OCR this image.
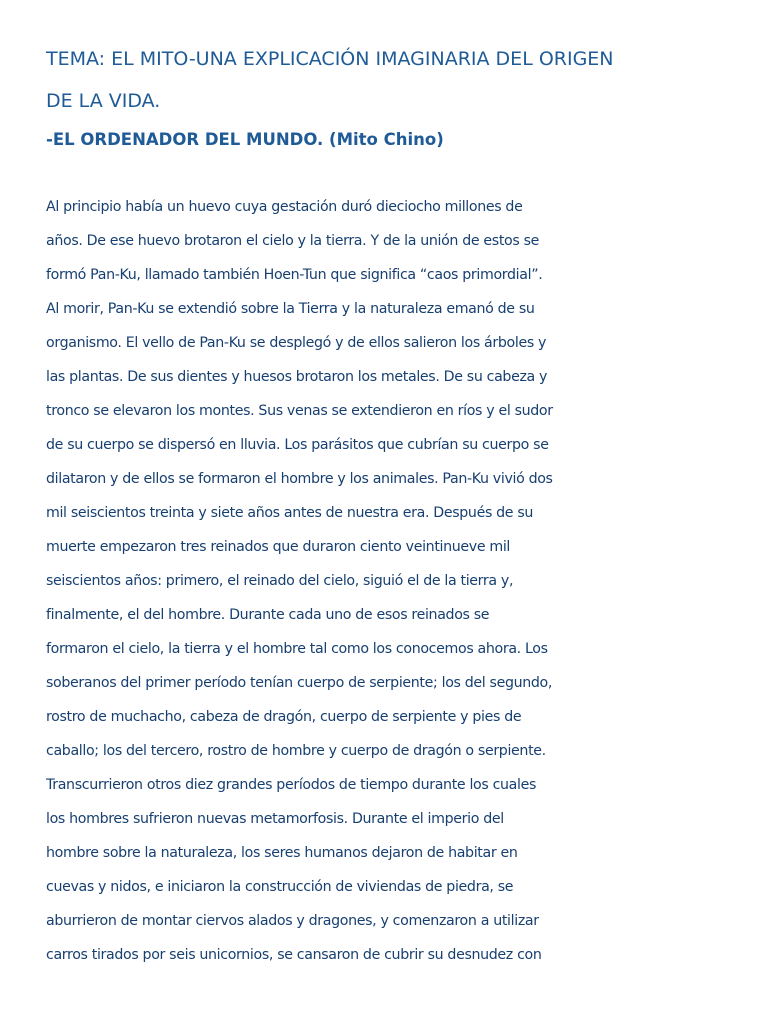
TEMA: EL MITO-UNA EXPLICACIÓN IMAGINARIA DEL ORIGEN
DE LA VIDA.
-EL ORDENADOR DEL MUNDO. (Mito Chino)
Al principio había un huevo cuya gestación duró dieciocho millones de
años. De ese huevo brotaron el cielo y la tierra. Y de la unión de estos se
formó Pan-Ku, llamado también Hoen-Tun que significa “caos primordial”.
Al morir, Pan-Ku se extendió sobre la Tierra y la naturaleza emanó de su
organismo. El vello de Pan-Ku se desplegó y de ellos salieron los árboles y
las plantas. De sus dientes y huesos brotaron los metales. De su cabeza y
tronco se elevaron los montes. Sus venas se extendieron en ríos y el sudor
de su cuerpo se dispersó en lluvia. Los parásitos que cubrían su cuerpo se
dilataron y de ellos se formaron el hombre y los animales. Pan-Ku vivió dos
mil seiscientos treinta y siete años antes de nuestra era. Después de su
muerte empezaron tres reinados que duraron ciento veintinueve mil
seiscientos años: primero, el reinado del cielo, siguió el de la tierra y,
finalmente, el del hombre. Durante cada uno de esos reinados se
formaron el cielo, la tierra y el hombre tal como los conocemos ahora. Los
soberanos del primer período tenían cuerpo de serpiente; los del segundo,
rostro de muchacho, cabeza de dragón, cuerpo de serpiente y pies de
caballo; los del tercero, rostro de hombre y cuerpo de dragón o serpiente.
Transcurrieron otros diez grandes períodos de tiempo durante los cuales
los hombres sufrieron nuevas metamorfosis. Durante el imperio del
hombre sobre la naturaleza, los seres humanos dejaron de habitar en
cuevas y nidos, e iniciaron la construcción de viviendas de piedra, se
aburrieron de montar ciervos alados y dragones, y comenzaron a utilizar
carros tirados por seis unicornios, se cansaron de cubrir su desnudez con
